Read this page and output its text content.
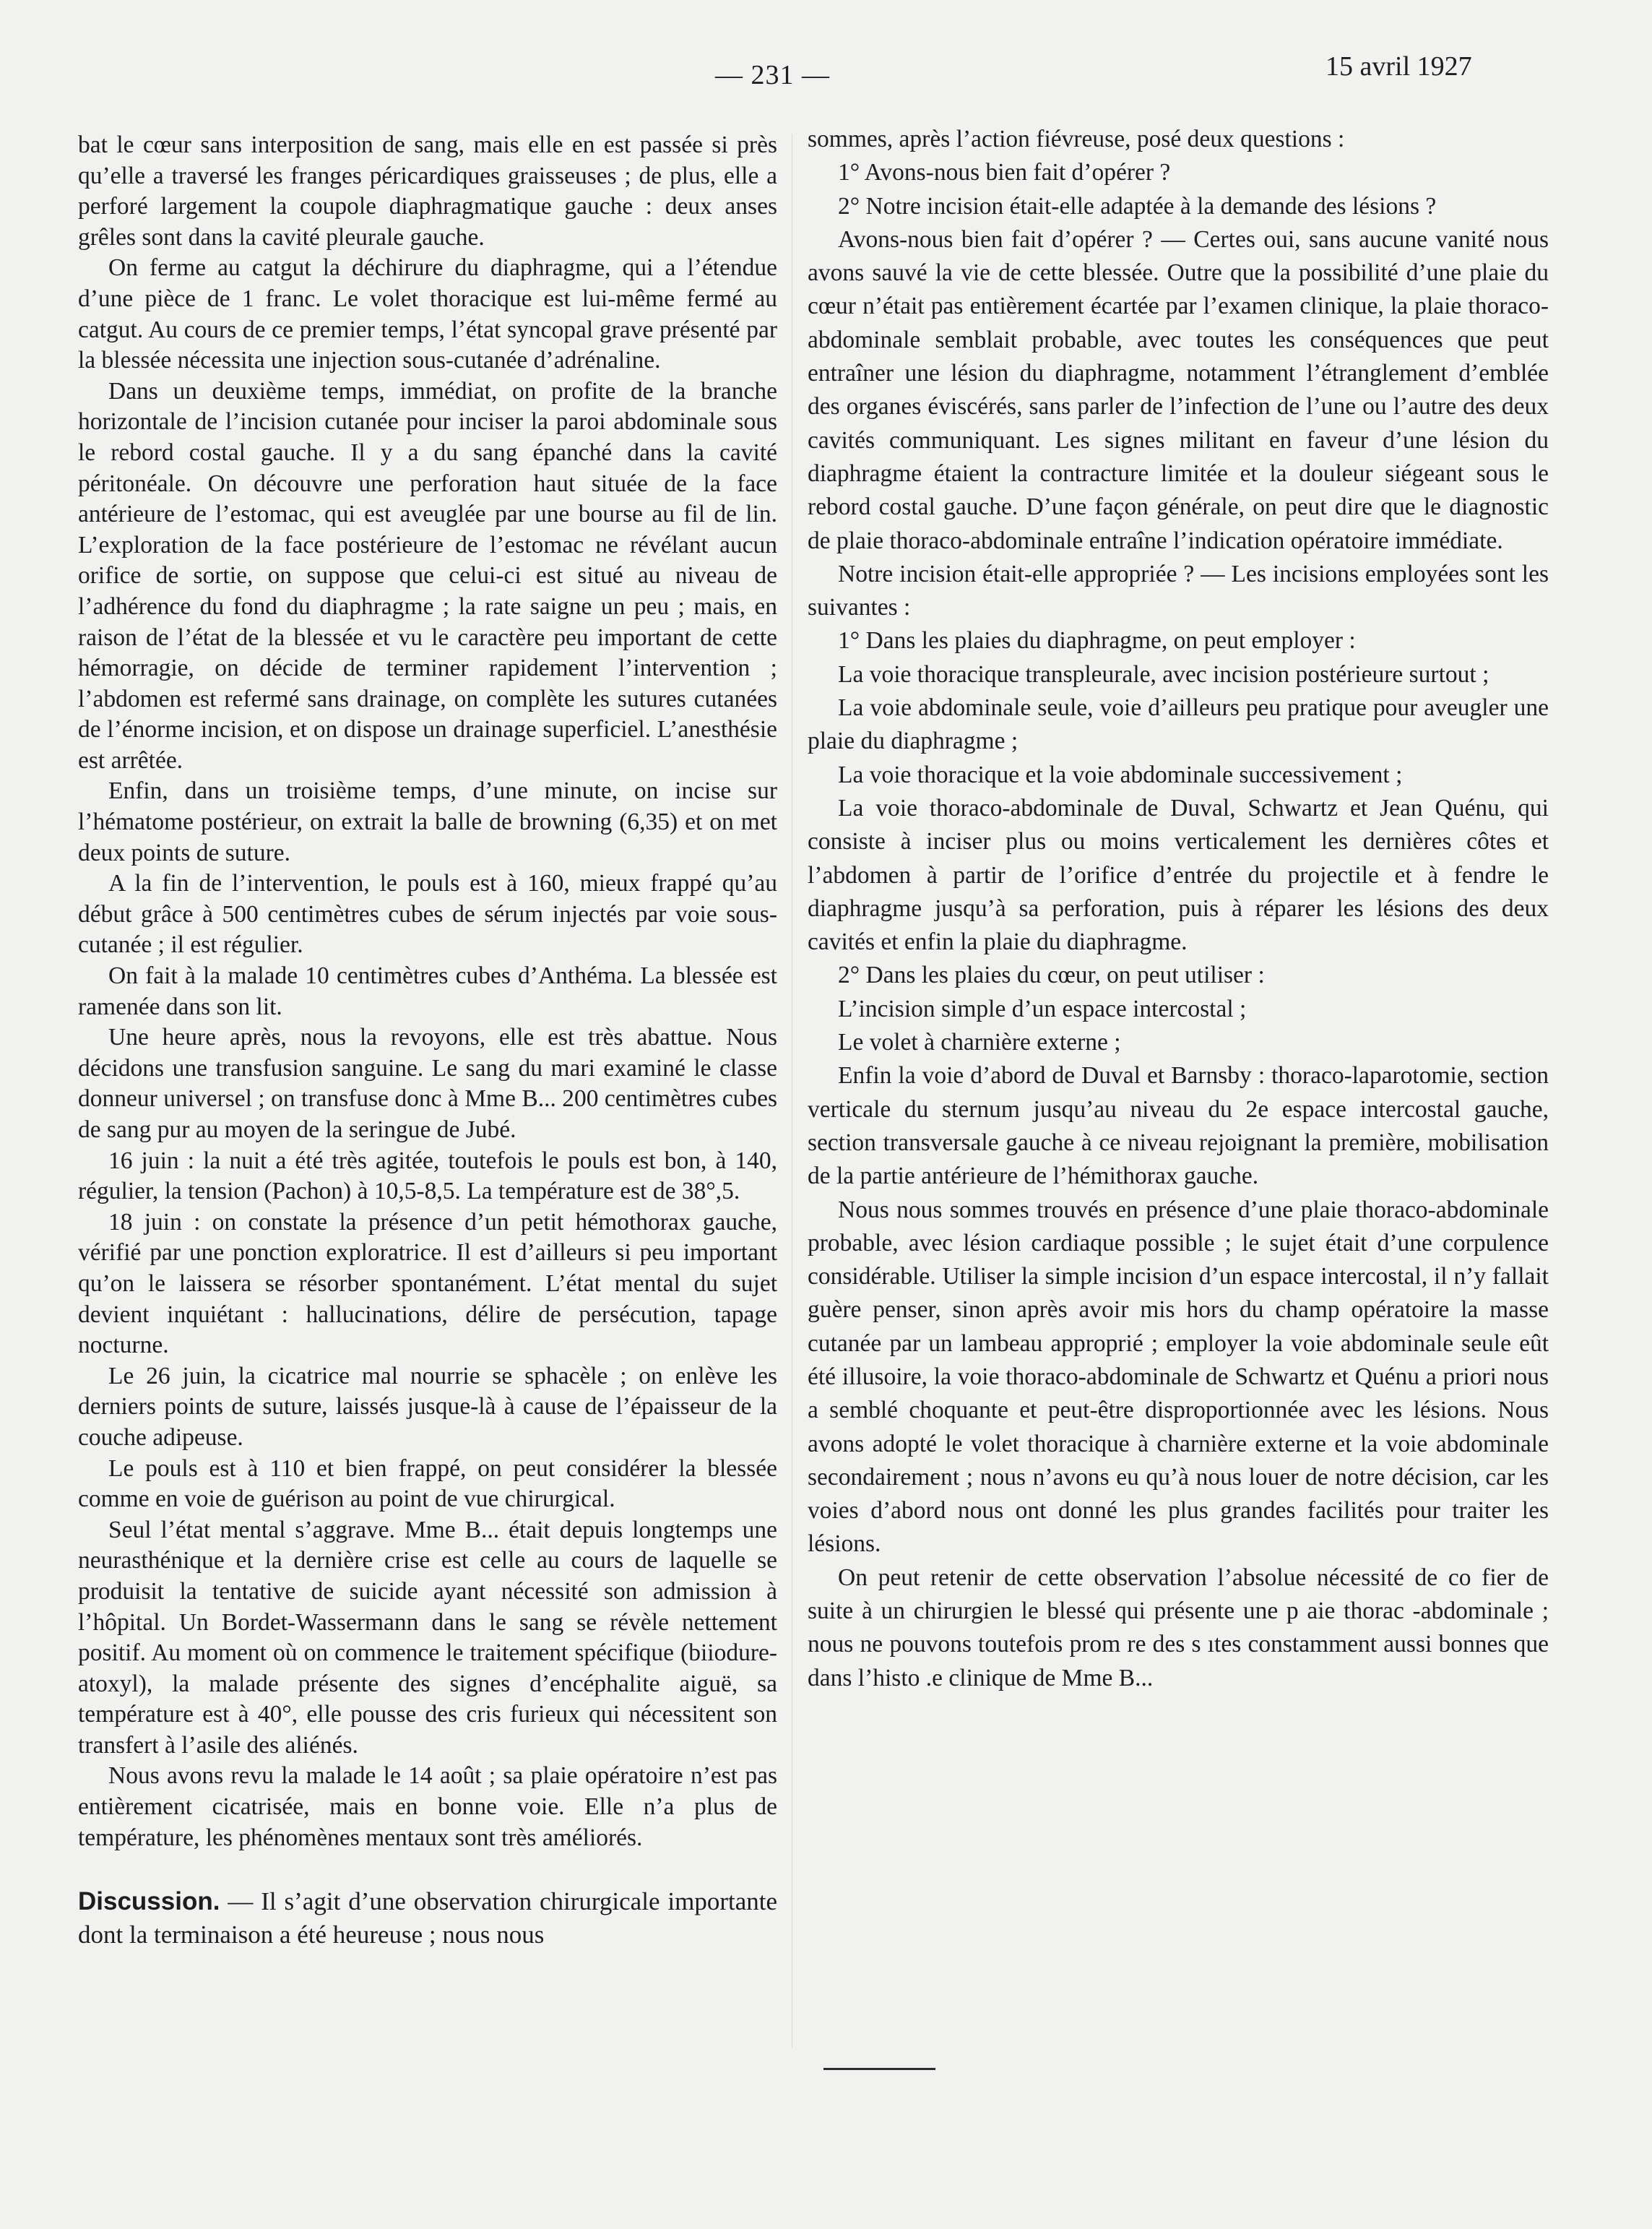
— 231 —	15 avril 1927

bat le cœur sans interposition de sang, mais elle en est passée si près qu’elle a traversé les franges péricardiques graisseuses ; de plus, elle a perforé largement la coupole diaphragmatique gauche : deux anses grêles sont dans la cavité pleurale gauche.

On ferme au catgut la déchirure du diaphragme, qui a l’étendue d’une pièce de 1 franc. Le volet thoracique est lui-même fermé au catgut. Au cours de ce premier temps, l’état syncopal grave présenté par la blessée nécessita une injection sous-cutanée d’adrénaline.

Dans un deuxième temps, immédiat, on profite de la branche horizontale de l’incision cutanée pour inciser la paroi abdominale sous le rebord costal gauche. Il y a du sang épanché dans la cavité péritonéale. On découvre une perforation haut située de la face antérieure de l’estomac, qui est aveuglée par une bourse au fil de lin. L’exploration de la face postérieure de l’estomac ne révélant aucun orifice de sortie, on suppose que celui-ci est situé au niveau de l’adhérence du fond du diaphragme ; la rate saigne un peu ; mais, en raison de l’état de la blessée et vu le caractère peu important de cette hémorragie, on décide de terminer rapidement l’intervention ; l’abdomen est refermé sans drainage, on complète les sutures cutanées de l’énorme incision, et on dispose un drainage superficiel. L’anesthésie est arrêtée.

Enfin, dans un troisième temps, d’une minute, on incise sur l’hématome postérieur, on extrait la balle de browning (6,35) et on met deux points de suture.

A la fin de l’intervention, le pouls est à 160, mieux frappé qu’au début grâce à 500 centimètres cubes de sérum injectés par voie sous-cutanée ; il est régulier.

On fait à la malade 10 centimètres cubes d’Anthéma. La blessée est ramenée dans son lit.

Une heure après, nous la revoyons, elle est très abattue. Nous décidons une transfusion sanguine. Le sang du mari examiné le classe donneur universel ; on transfuse donc à Mme B... 200 centimètres cubes de sang pur au moyen de la seringue de Jubé.

16 juin : la nuit a été très agitée, toutefois le pouls est bon, à 140, régulier, la tension (Pachon) à 10,5-8,5. La température est de 38°,5.

18 juin : on constate la présence d’un petit hémothorax gauche, vérifié par une ponction exploratrice. Il est d’ailleurs si peu important qu’on le laissera se résorber spontanément. L’état mental du sujet devient inquiétant : hallucinations, délire de persécution, tapage nocturne.

Le 26 juin, la cicatrice mal nourrie se sphacèle ; on enlève les derniers points de suture, laissés jusque-là à cause de l’épaisseur de la couche adipeuse.

Le pouls est à 110 et bien frappé, on peut considérer la blessée comme en voie de guérison au point de vue chirurgical.

Seul l’état mental s’aggrave. Mme B... était depuis longtemps une neurasthénique et la dernière crise est celle au cours de laquelle se produisit la tentative de suicide ayant nécessité son admission à l’hôpital. Un Bordet-Wassermann dans le sang se révèle nettement positif. Au moment où on commence le traitement spécifique (biiodure-atoxyl), la malade présente des signes d’encéphalite aiguë, sa température est à 40°, elle pousse des cris furieux qui nécessitent son transfert à l’asile des aliénés.

Nous avons revu la malade le 14 août ; sa plaie opératoire n’est pas entièrement cicatrisée, mais en bonne voie. Elle n’a plus de température, les phénomènes mentaux sont très améliorés.

Discussion. — Il s’agit d’une observation chirurgicale importante dont la terminaison a été heureuse ; nous nous

sommes, après l’action fiévreuse, posé deux questions :

1° Avons-nous bien fait d’opérer ?

2° Notre incision était-elle adaptée à la demande des lésions ?

Avons-nous bien fait d’opérer ? — Certes oui, sans aucune vanité nous avons sauvé la vie de cette blessée. Outre que la possibilité d’une plaie du cœur n’était pas entièrement écartée par l’examen clinique, la plaie thoraco-abdominale semblait probable, avec toutes les conséquences que peut entraîner une lésion du diaphragme, notamment l’étranglement d’emblée des organes éviscérés, sans parler de l’infection de l’une ou l’autre des deux cavités communiquant. Les signes militant en faveur d’une lésion du diaphragme étaient la contracture limitée et la douleur siégeant sous le rebord costal gauche. D’une façon générale, on peut dire que le diagnostic de plaie thoraco-abdominale entraîne l’indication opératoire immédiate.

Notre incision était-elle appropriée ? — Les incisions employées sont les suivantes :

1° Dans les plaies du diaphragme, on peut employer :

La voie thoracique transpleurale, avec incision postérieure surtout ;

La voie abdominale seule, voie d’ailleurs peu pratique pour aveugler une plaie du diaphragme ;

La voie thoracique et la voie abdominale successivement ;

La voie thoraco-abdominale de Duval, Schwartz et Jean Quénu, qui consiste à inciser plus ou moins verticalement les dernières côtes et l’abdomen à partir de l’orifice d’entrée du projectile et à fendre le diaphragme jusqu’à sa perforation, puis à réparer les lésions des deux cavités et enfin la plaie du diaphragme.

2° Dans les plaies du cœur, on peut utiliser :

L’incision simple d’un espace intercostal ;

Le volet à charnière externe ;

Enfin la voie d’abord de Duval et Barnsby : thoraco-laparotomie, section verticale du sternum jusqu’au niveau du 2e espace intercostal gauche, section transversale gauche à ce niveau rejoignant la première, mobilisation de la partie antérieure de l’hémithorax gauche.

Nous nous sommes trouvés en présence d’une plaie thoraco-abdominale probable, avec lésion cardiaque possible ; le sujet était d’une corpulence considérable. Utiliser la simple incision d’un espace intercostal, il n’y fallait guère penser, sinon après avoir mis hors du champ opératoire la masse cutanée par un lambeau approprié ; employer la voie abdominale seule eût été illusoire, la voie thoraco-abdominale de Schwartz et Quénu a priori nous a semblé choquante et peut-être disproportionnée avec les lésions. Nous avons adopté le volet thoracique à charnière externe et la voie abdominale secondairement ; nous n’avons eu qu’à nous louer de notre décision, car les voies d’abord nous ont donné les plus grandes facilités pour traiter les lésions.

On peut retenir de cette observation l’absolue nécessité de co fier de suite à un chirurgien le blessé qui présente une p aie thorac -abdominale ; nous ne pouvons toutefois prom re des s ıtes constamment aussi bonnes que dans l’histo .e clinique de Mme B...
